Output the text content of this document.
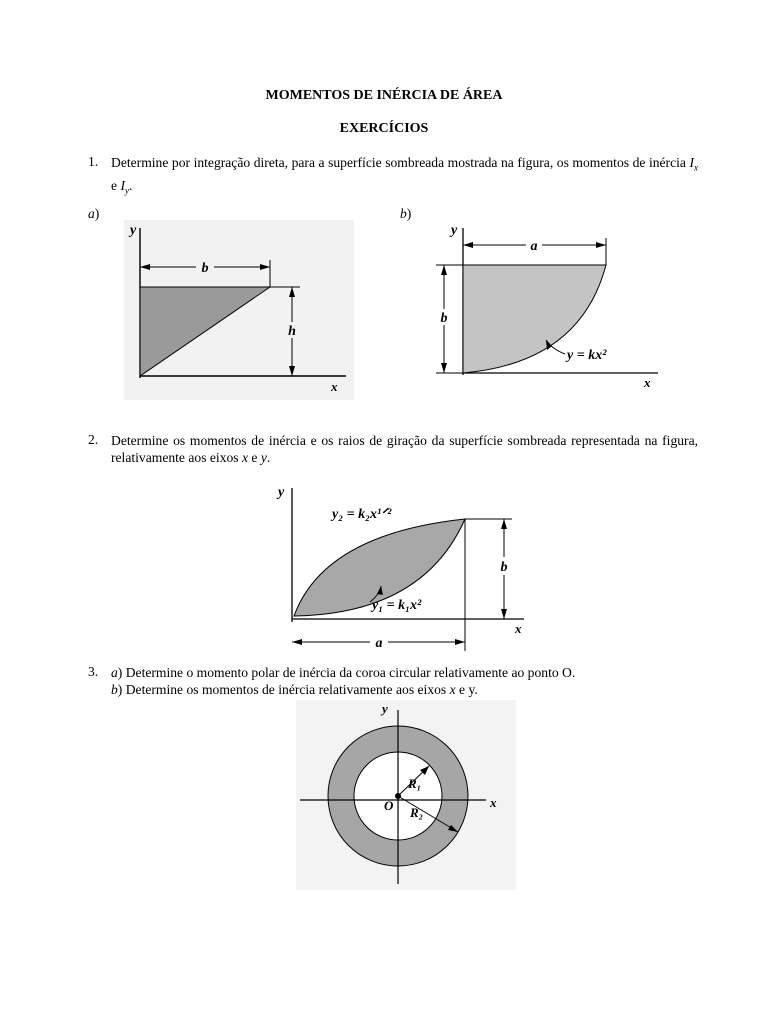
MOMENTOS DE INÉRCIA DE ÁREA
EXERCÍCIOS
1. Determine por integração direta, para a superfície sombreada mostrada na figura, os momentos de inércia $I_x$ e $I_y$.
a)	b)
b
h
y
x
a
b
y = kx²
y
x
2. Determine os momentos de inércia e os raios de giração da superfície sombreada representada na figura, relativamente aos eixos x e y.
b
a
y₂ = k₂x¹ᐟ²
y₁ = k₁x²
y
x
3. a) Determine o momento polar de inércia da coroa circular relativamente ao ponto O.
b) Determine os momentos de inércia relativamente aos eixos x e y.
O
R₁
R₂
y
x
